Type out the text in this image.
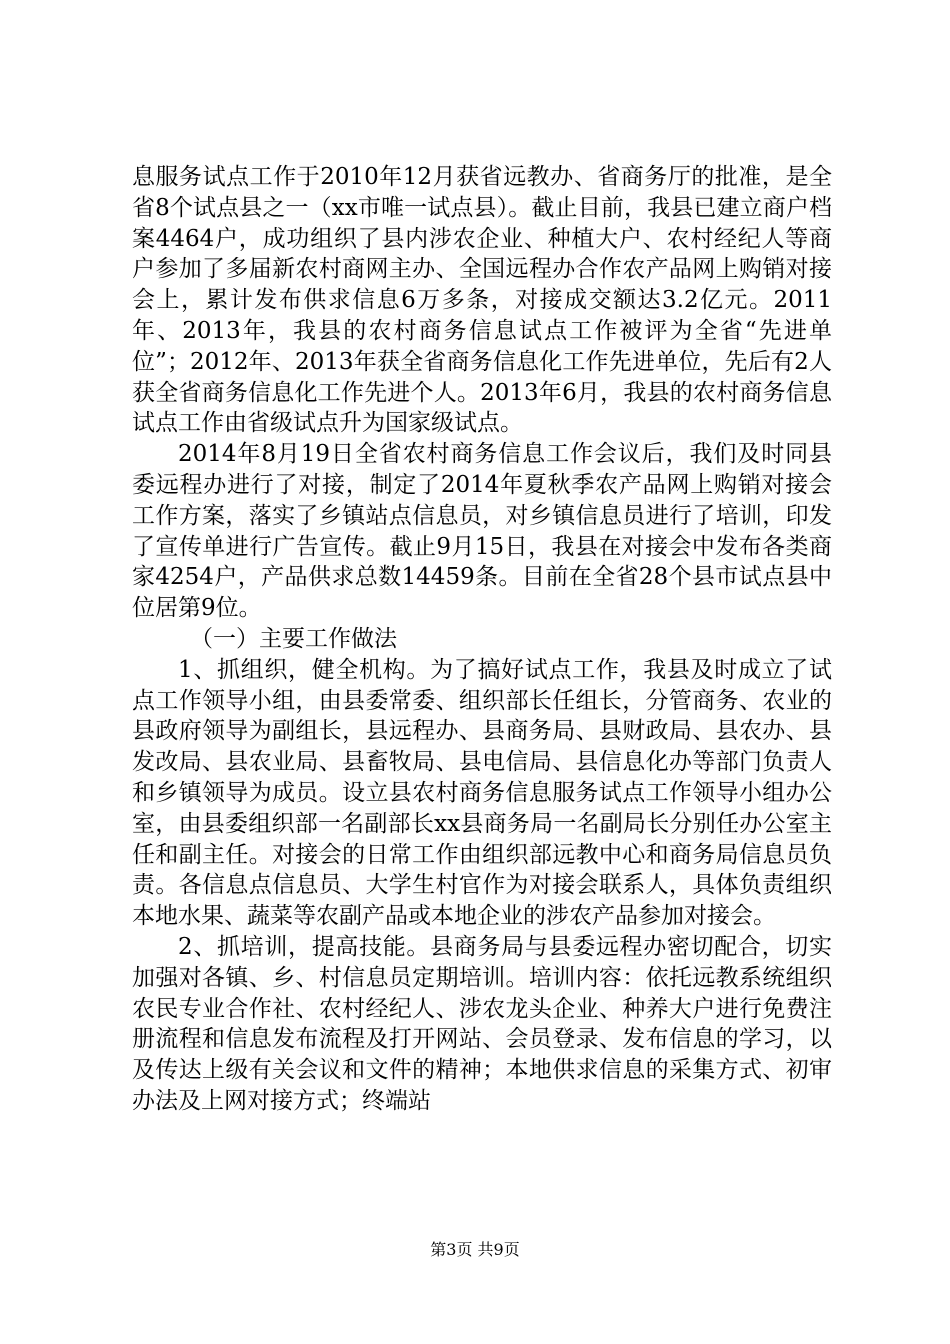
息服务试点工作于2010年12月获省远教办、省商务厅的批准，是全省8个试点县之一（xx市唯一试点县）。截止目前，我县已建立商户档案4464户，成功组织了县内涉农企业、种植大户、农村经纪人等商户参加了多届新农村商网主办、全国远程办合作农产品网上购销对接会上，累计发布供求信息6万多条，对接成交额达3.2亿元。2011年、2013年，我县的农村商务信息试点工作被评为全省“先进单位”；2012年、2013年获全省商务信息化工作先进单位，先后有2人获全省商务信息化工作先进个人。2013年6月，我县的农村商务信息试点工作由省级试点升为国家级试点。

2014年8月19日全省农村商务信息工作会议后，我们及时同县委远程办进行了对接，制定了2014年夏秋季农产品网上购销对接会工作方案，落实了乡镇站点信息员，对乡镇信息员进行了培训，印发了宣传单进行广告宣传。截止9月15日，我县在对接会中发布各类商家4254户，产品供求总数14459条。目前在全省28个县市试点县中位居第9位。

（一）主要工作做法

1、抓组织，健全机构。为了搞好试点工作，我县及时成立了试点工作领导小组，由县委常委、组织部长任组长，分管商务、农业的县政府领导为副组长，县远程办、县商务局、县财政局、县农办、县发改局、县农业局、县畜牧局、县电信局、县信息化办等部门负责人和乡镇领导为成员。设立县农村商务信息服务试点工作领导小组办公室，由县委组织部一名副部长xx县商务局一名副局长分别任办公室主任和副主任。对接会的日常工作由组织部远教中心和商务局信息员负责。各信息点信息员、大学生村官作为对接会联系人，具体负责组织本地水果、蔬菜等农副产品或本地企业的涉农产品参加对接会。

2、抓培训，提高技能。县商务局与县委远程办密切配合，切实加强对各镇、乡、村信息员定期培训。培训内容：依托远教系统组织农民专业合作社、农村经纪人、涉农龙头企业、种养大户进行免费注册流程和信息发布流程及打开网站、会员登录、发布信息的学习，以及传达上级有关会议和文件的精神；本地供求信息的采集方式、初审办法及上网对接方式；终端站

第3页 共9页
